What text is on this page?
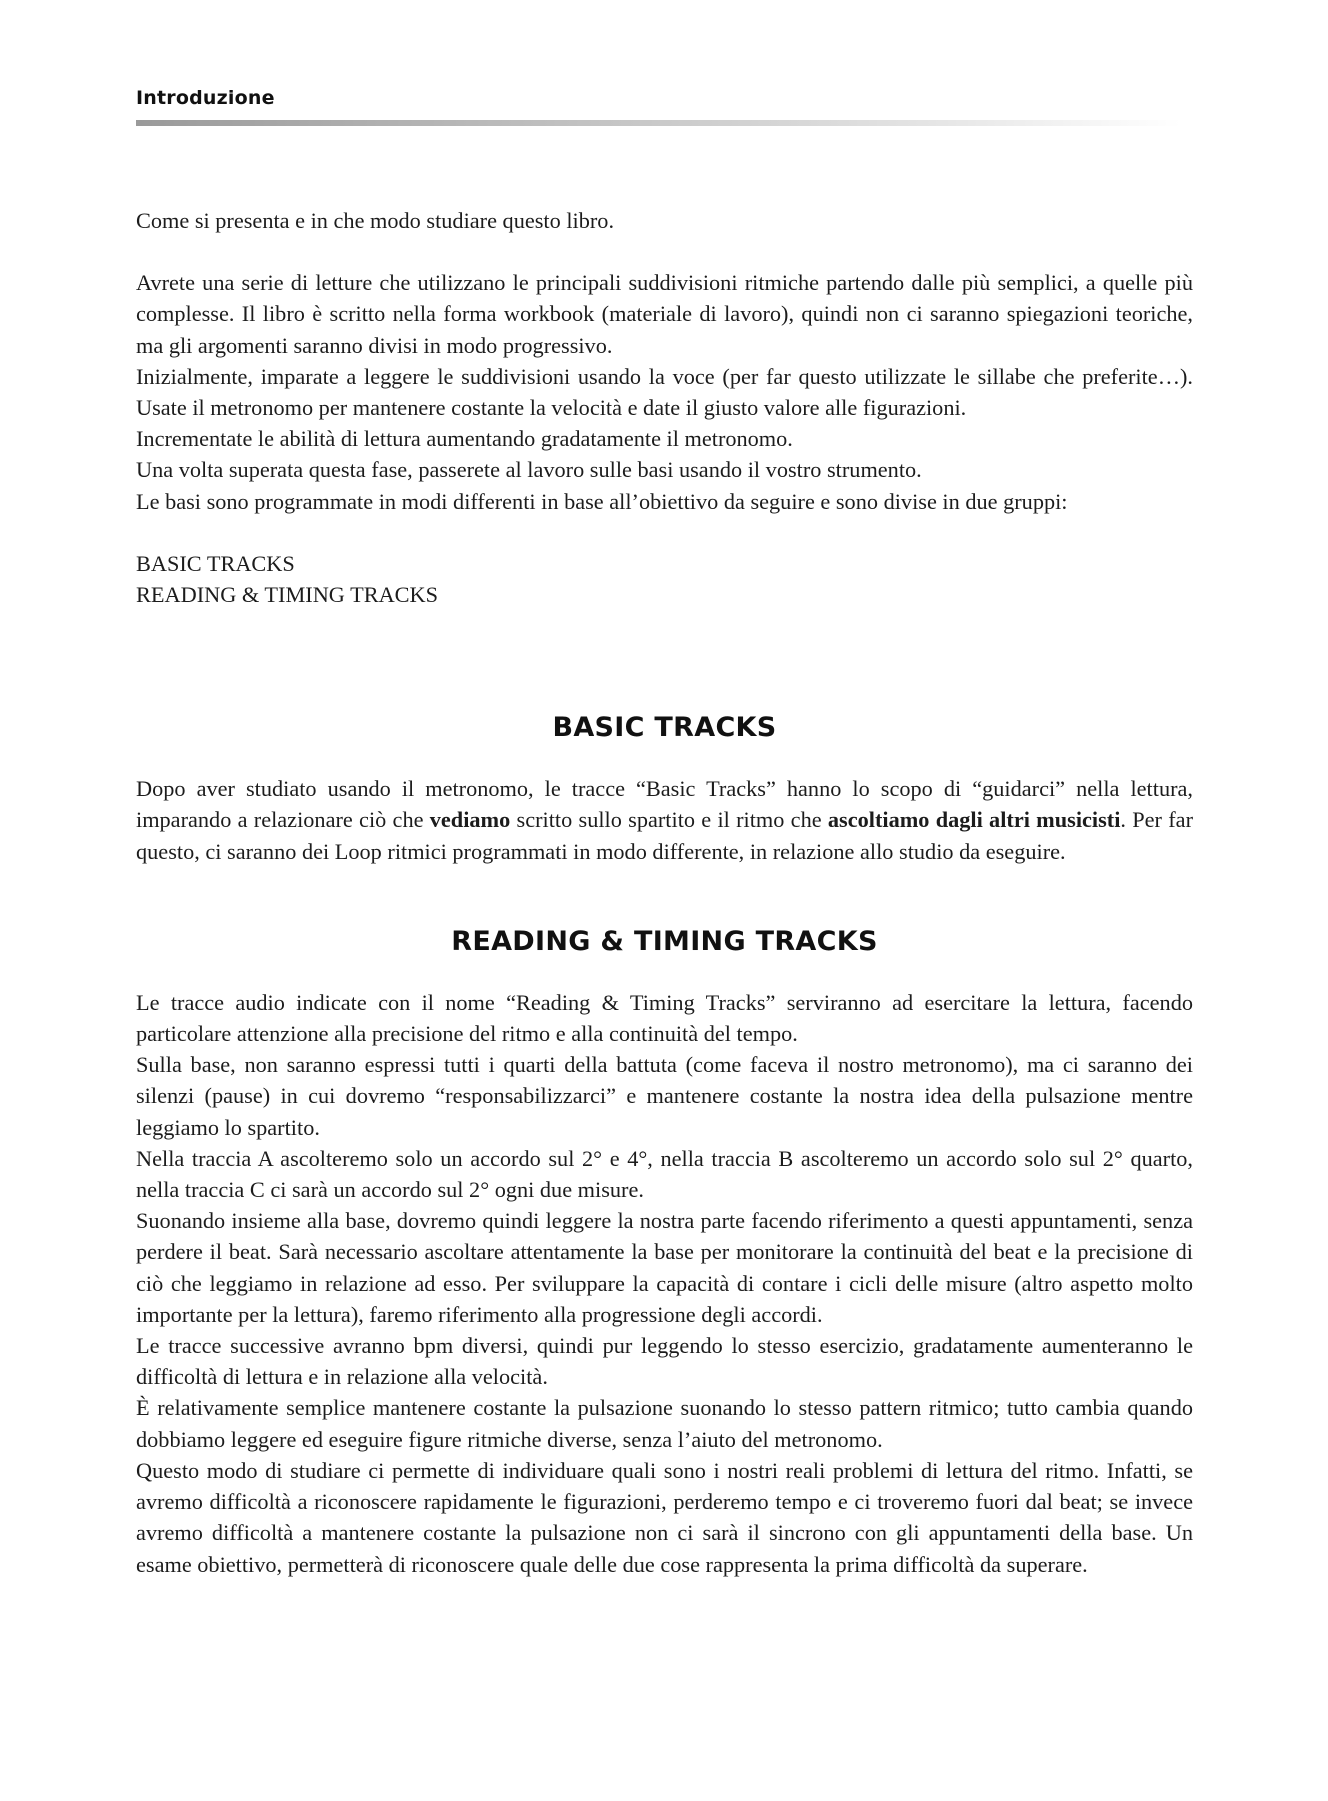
Introduzione

Come si presenta e in che modo studiare questo libro.

Avrete una serie di letture che utilizzano le principali suddivisioni ritmiche partendo dalle più semplici, a quelle più complesse. Il libro è scritto nella forma workbook (materiale di lavoro), quindi non ci saranno spiegazioni teoriche, ma gli argomenti saranno divisi in modo progressivo.

Inizialmente, imparate a leggere le suddivisioni usando la voce (per far questo utilizzate le sillabe che preferite…). Usate il metronomo per mantenere costante la velocità e date il giusto valore alle figurazioni.

Incrementate le abilità di lettura aumentando gradatamente il metronomo.

Una volta superata questa fase, passerete al lavoro sulle basi usando il vostro strumento.

Le basi sono programmate in modi differenti in base all’obiettivo da seguire e sono divise in due gruppi:

BASIC TRACKS

READING & TIMING TRACKS

BASIC TRACKS

Dopo aver studiato usando il metronomo, le tracce “Basic Tracks” hanno lo scopo di “guidarci” nella lettura, imparando a relazionare ciò che vediamo scritto sullo spartito e il ritmo che ascoltiamo dagli altri musicisti. Per far questo, ci saranno dei Loop ritmici programmati in modo differente, in relazione allo studio da eseguire.

READING & TIMING TRACKS

Le tracce audio indicate con il nome “Reading & Timing Tracks” serviranno ad esercitare la lettura, facendo particolare attenzione alla precisione del ritmo e alla continuità del tempo.

Sulla base, non saranno espressi tutti i quarti della battuta (come faceva il nostro metronomo), ma ci saranno dei silenzi (pause) in cui dovremo “responsabilizzarci” e mantenere costante la nostra idea della pulsazione mentre leggiamo lo spartito.

Nella traccia A ascolteremo solo un accordo sul 2° e 4°, nella traccia B ascolteremo un accordo solo sul 2° quarto, nella traccia C ci sarà un accordo sul 2° ogni due misure.

Suonando insieme alla base, dovremo quindi leggere la nostra parte facendo riferimento a questi appuntamenti, senza perdere il beat. Sarà necessario ascoltare attentamente la base per monitorare la continuità del beat e la precisione di ciò che leggiamo in relazione ad esso. Per sviluppare la capacità di contare i cicli delle misure (altro aspetto molto importante per la lettura), faremo riferimento alla progressione degli accordi.

Le tracce successive avranno bpm diversi, quindi pur leggendo lo stesso esercizio, gradatamente aumenteranno le difficoltà di lettura e in relazione alla velocità.

È relativamente semplice mantenere costante la pulsazione suonando lo stesso pattern ritmico; tutto cambia quando dobbiamo leggere ed eseguire figure ritmiche diverse, senza l’aiuto del metronomo.

Questo modo di studiare ci permette di individuare quali sono i nostri reali problemi di lettura del ritmo. Infatti, se avremo difficoltà a riconoscere rapidamente le figurazioni, perderemo tempo e ci troveremo fuori dal beat; se invece avremo difficoltà a mantenere costante la pulsazione non ci sarà il sincrono con gli appuntamenti della base. Un esame obiettivo, permetterà di riconoscere quale delle due cose rappresenta la prima difficoltà da superare.
